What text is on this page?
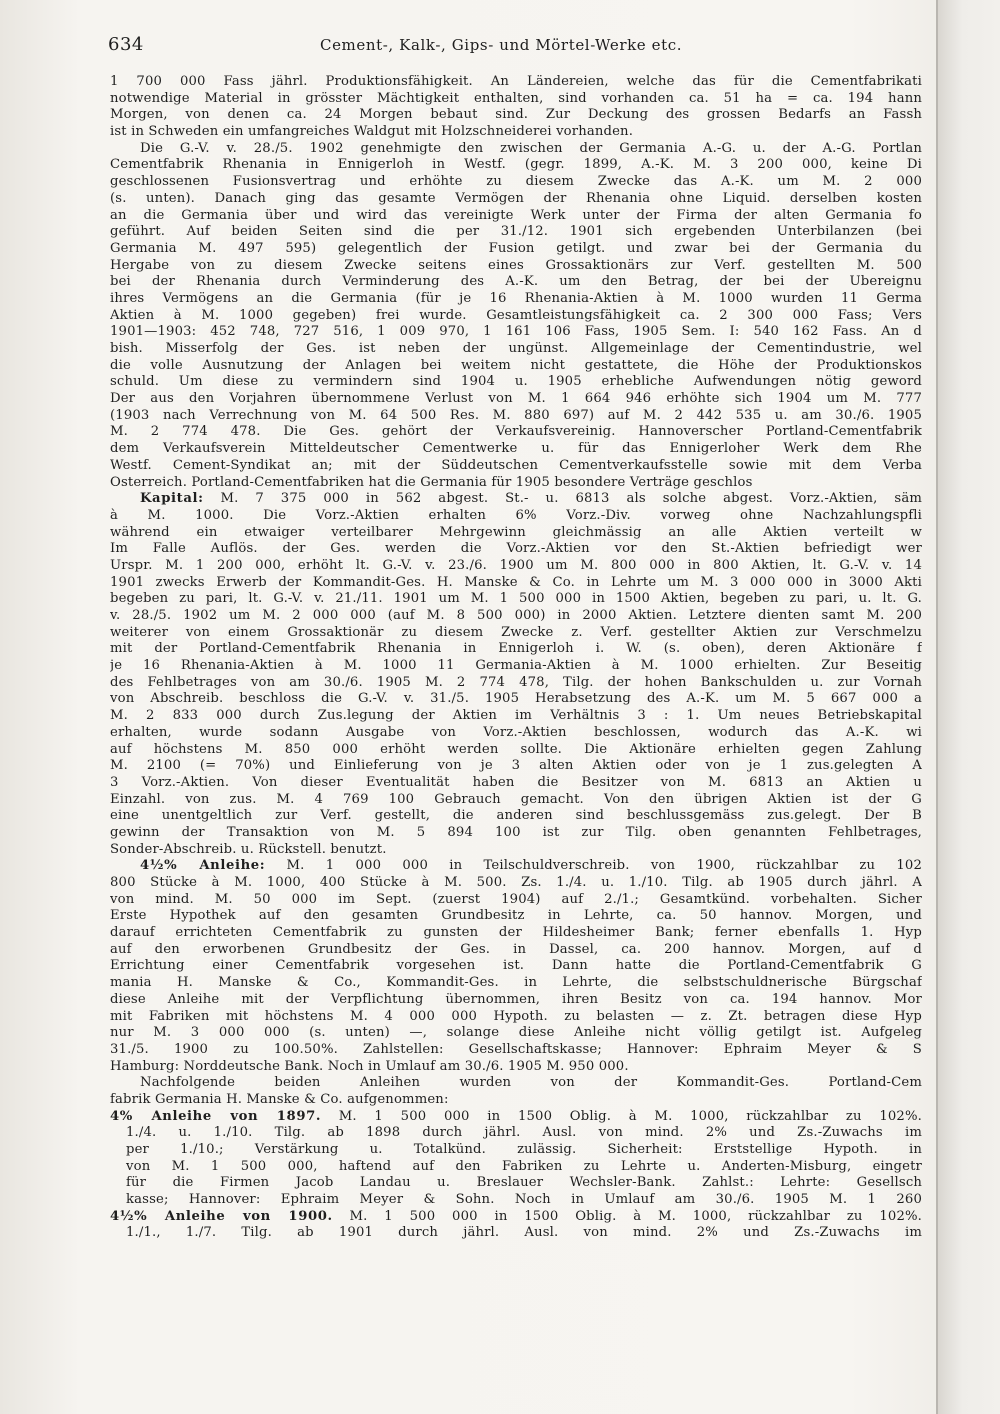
634	Cement-, Kalk-, Gips- und Mörtel-Werke etc.
1 700 000 Fass jährl. Produktionsfähigkeit. An Ländereien, welche das für die Cementfabrikati
notwendige Material in grösster Mächtigkeit enthalten, sind vorhanden ca. 51 ha = ca. 194 hann
Morgen, von denen ca. 24 Morgen bebaut sind. Zur Deckung des grossen Bedarfs an Fassh
ist in Schweden ein umfangreiches Waldgut mit Holzschneiderei vorhanden.
Die G.-V. v. 28./5. 1902 genehmigte den zwischen der Germania A.-G. u. der A.-G. Portlan
Cementfabrik Rhenania in Ennigerloh in Westf. (gegr. 1899, A.-K. M. 3 200 000, keine Di
geschlossenen Fusionsvertrag und erhöhte zu diesem Zwecke das A.-K. um M. 2 000
(s. unten). Danach ging das gesamte Vermögen der Rhenania ohne Liquid. derselben kosten
an die Germania über und wird das vereinigte Werk unter der Firma der alten Germania fo
geführt. Auf beiden Seiten sind die per 31./12. 1901 sich ergebenden Unterbilanzen (bei
Germania M. 497 595) gelegentlich der Fusion getilgt. und zwar bei der Germania du
Hergabe von zu diesem Zwecke seitens eines Grossaktionärs zur Verf. gestellten M. 500
bei der Rhenania durch Verminderung des A.-K. um den Betrag, der bei der Übereignu
ihres Vermögens an die Germania (für je 16 Rhenania-Aktien à M. 1000 wurden 11 Germa
Aktien à M. 1000 gegeben) frei wurde. Gesamtleistungsfähigkeit ca. 2 300 000 Fass; Vers
1901—1903: 452 748, 727 516, 1 009 970, 1 161 106 Fass, 1905 Sem. I: 540 162 Fass. An d
bish. Misserfolg der Ges. ist neben der ungünst. Allgemeinlage der Cementindustrie, wel
die volle Ausnutzung der Anlagen bei weitem nicht gestattete, die Höhe der Produktionskos
schuld. Um diese zu vermindern sind 1904 u. 1905 erhebliche Aufwendungen nötig geword
Der aus den Vorjahren übernommene Verlust von M. 1 664 946 erhöhte sich 1904 um M. 777
(1903 nach Verrechnung von M. 64 500 Res. M. 880 697) auf M. 2 442 535 u. am 30./6. 1905
M. 2 774 478. Die Ges. gehört der Verkaufsvereinig. Hannoverscher Portland-Cementfabrik
dem Verkaufsverein Mitteldeutscher Cementwerke u. für das Ennigerloher Werk dem Rhe
Westf. Cement-Syndikat an; mit der Süddeutschen Cementverkaufsstelle sowie mit dem Verba
Österreich. Portland-Cementfabriken hat die Germania für 1905 besondere Verträge geschlos
Kapital: M. 7 375 000 in 562 abgest. St.- u. 6813 als solche abgest. Vorz.-Aktien, säm
à M. 1000. Die Vorz.-Aktien erhalten 6% Vorz.-Div. vorweg ohne Nachzahlungspfli
während ein etwaiger verteilbarer Mehrgewinn gleichmässig an alle Aktien verteilt w
Im Falle Auflös. der Ges. werden die Vorz.-Aktien vor den St.-Aktien befriedigt wer
Urspr. M. 1 200 000, erhöht lt. G.-V. v. 23./6. 1900 um M. 800 000 in 800 Aktien, lt. G.-V. v. 14
1901 zwecks Erwerb der Kommandit-Ges. H. Manske & Co. in Lehrte um M. 3 000 000 in 3000 Akti
begeben zu pari, lt. G.-V. v. 21./11. 1901 um M. 1 500 000 in 1500 Aktien, begeben zu pari, u. lt. G.
v. 28./5. 1902 um M. 2 000 000 (auf M. 8 500 000) in 2000 Aktien. Letztere dienten samt M. 200
weiterer von einem Grossaktionär zu diesem Zwecke z. Verf. gestellter Aktien zur Verschmelzu
mit der Portland-Cementfabrik Rhenania in Ennigerloh i. W. (s. oben), deren Aktionäre f
je 16 Rhenania-Aktien à M. 1000 11 Germania-Aktien à M. 1000 erhielten. Zur Beseitig
des Fehlbetrages von am 30./6. 1905 M. 2 774 478, Tilg. der hohen Bankschulden u. zur Vornah
von Abschreib. beschloss die G.-V. v. 31./5. 1905 Herabsetzung des A.-K. um M. 5 667 000 a
M. 2 833 000 durch Zus.legung der Aktien im Verhältnis 3 : 1. Um neues Betriebskapital
erhalten, wurde sodann Ausgabe von Vorz.-Aktien beschlossen, wodurch das A.-K. wi
auf höchstens M. 850 000 erhöht werden sollte. Die Aktionäre erhielten gegen Zahlung
M. 2100 (= 70%) und Einlieferung von je 3 alten Aktien oder von je 1 zus.gelegten A
3 Vorz.-Aktien. Von dieser Eventualität haben die Besitzer von M. 6813 an Aktien u
Einzahl. von zus. M. 4 769 100 Gebrauch gemacht. Von den übrigen Aktien ist der G
eine unentgeltlich zur Verf. gestellt, die anderen sind beschlussgemäss zus.gelegt. Der B
gewinn der Transaktion von M. 5 894 100 ist zur Tilg. oben genannten Fehlbetrages,
Sonder-Abschreib. u. Rückstell. benutzt.
4½% Anleihe: M. 1 000 000 in Teilschuldverschreib. von 1900, rückzahlbar zu 102
800 Stücke à M. 1000, 400 Stücke à M. 500. Zs. 1./4. u. 1./10. Tilg. ab 1905 durch jährl. A
von mind. M. 50 000 im Sept. (zuerst 1904) auf 2./1.; Gesamtkünd. vorbehalten. Sicher
Erste Hypothek auf den gesamten Grundbesitz in Lehrte, ca. 50 hannov. Morgen, und
darauf errichteten Cementfabrik zu gunsten der Hildesheimer Bank; ferner ebenfalls 1. Hyp
auf den erworbenen Grundbesitz der Ges. in Dassel, ca. 200 hannov. Morgen, auf d
Errichtung einer Cementfabrik vorgesehen ist. Dann hatte die Portland-Cementfabrik G
mania H. Manske & Co., Kommandit-Ges. in Lehrte, die selbstschuldnerische Bürgschaf
diese Anleihe mit der Verpflichtung übernommen, ihren Besitz von ca. 194 hannov. Mor
mit Fabriken mit höchstens M. 4 000 000 Hypoth. zu belasten — z. Zt. betragen diese Hyp
nur M. 3 000 000 (s. unten) —, solange diese Anleihe nicht völlig getilgt ist. Aufgeleg
31./5. 1900 zu 100.50%. Zahlstellen: Gesellschaftskasse; Hannover: Ephraim Meyer & S
Hamburg: Norddeutsche Bank. Noch in Umlauf am 30./6. 1905 M. 950 000.
Nachfolgende beiden Anleihen wurden von der Kommandit-Ges. Portland-Cem
fabrik Germania H. Manske & Co. aufgenommen:
4% Anleihe von 1897. M. 1 500 000 in 1500 Oblig. à M. 1000, rückzahlbar zu 102%.
1./4. u. 1./10. Tilg. ab 1898 durch jährl. Ausl. von mind. 2% und Zs.-Zuwachs im
per 1./10.; Verstärkung u. Totalkünd. zulässig. Sicherheit: Erststellige Hypoth. in
von M. 1 500 000, haftend auf den Fabriken zu Lehrte u. Anderten-Misburg, eingetr
für die Firmen Jacob Landau u. Breslauer Wechsler-Bank. Zahlst.: Lehrte: Gesellsch
kasse; Hannover: Ephraim Meyer & Sohn. Noch in Umlauf am 30./6. 1905 M. 1 260
4½% Anleihe von 1900. M. 1 500 000 in 1500 Oblig. à M. 1000, rückzahlbar zu 102%.
1./1., 1./7. Tilg. ab 1901 durch jährl. Ausl. von mind. 2% und Zs.-Zuwachs im
